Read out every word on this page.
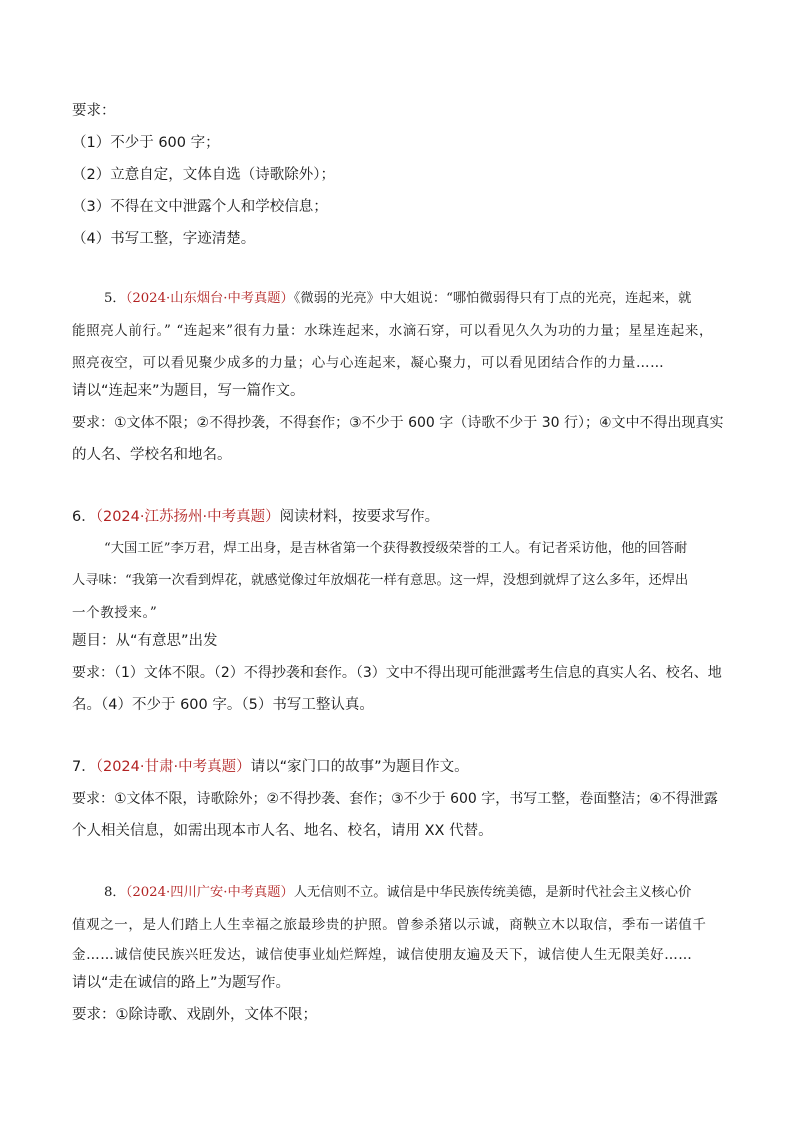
要求：
（1）不少于 600 字；
（2）立意自定，文体自选（诗歌除外）；
（3）不得在文中泄露个人和学校信息；
（4）书写工整，字迹清楚。
5．（2024·山东烟台·中考真题）《微弱的光亮》中大姐说：“哪怕微弱得只有丁点的光亮，连起来，就
能照亮人前行。” “连起来”很有力量：水珠连起来，水滴石穿，可以看见久久为功的力量；星星连起来，
照亮夜空，可以看见聚少成多的力量；心与心连起来，凝心聚力，可以看见团结合作的力量……
请以“连起来”为题目，写一篇作文。
要求：①文体不限；②不得抄袭，不得套作；③不少于 600 字（诗歌不少于 30 行）；④文中不得出现真实
的人名、学校名和地名。
6．（2024·江苏扬州·中考真题）阅读材料，按要求写作。
“大国工匠”李万君，焊工出身，是吉林省第一个获得教授级荣誉的工人。有记者采访他，他的回答耐
人寻味：“我第一次看到焊花，就感觉像过年放烟花一样有意思。这一焊，没想到就焊了这么多年，还焊出
一个教授来。”
题目：从“有意思”出发
要求：（1）文体不限。（2）不得抄袭和套作。（3）文中不得出现可能泄露考生信息的真实人名、校名、地
名。（4）不少于 600 字。（5）书写工整认真。
7．（2024·甘肃·中考真题）请以“家门口的故事”为题目作文。
要求：①文体不限，诗歌除外；②不得抄袭、套作；③不少于 600 字，书写工整，卷面整洁；④不得泄露
个人相关信息，如需出现本市人名、地名、校名，请用 XX 代替。
8．（2024·四川广安·中考真题）人无信则不立。诚信是中华民族传统美德，是新时代社会主义核心价
值观之一，是人们踏上人生幸福之旅最珍贵的护照。曾参杀猪以示诚，商鞅立木以取信，季布一诺值千
金……诚信使民族兴旺发达，诚信使事业灿烂辉煌，诚信使朋友遍及天下，诚信使人生无限美好……
请以“走在诚信的路上”为题写作。
要求：①除诗歌、戏剧外，文体不限；
